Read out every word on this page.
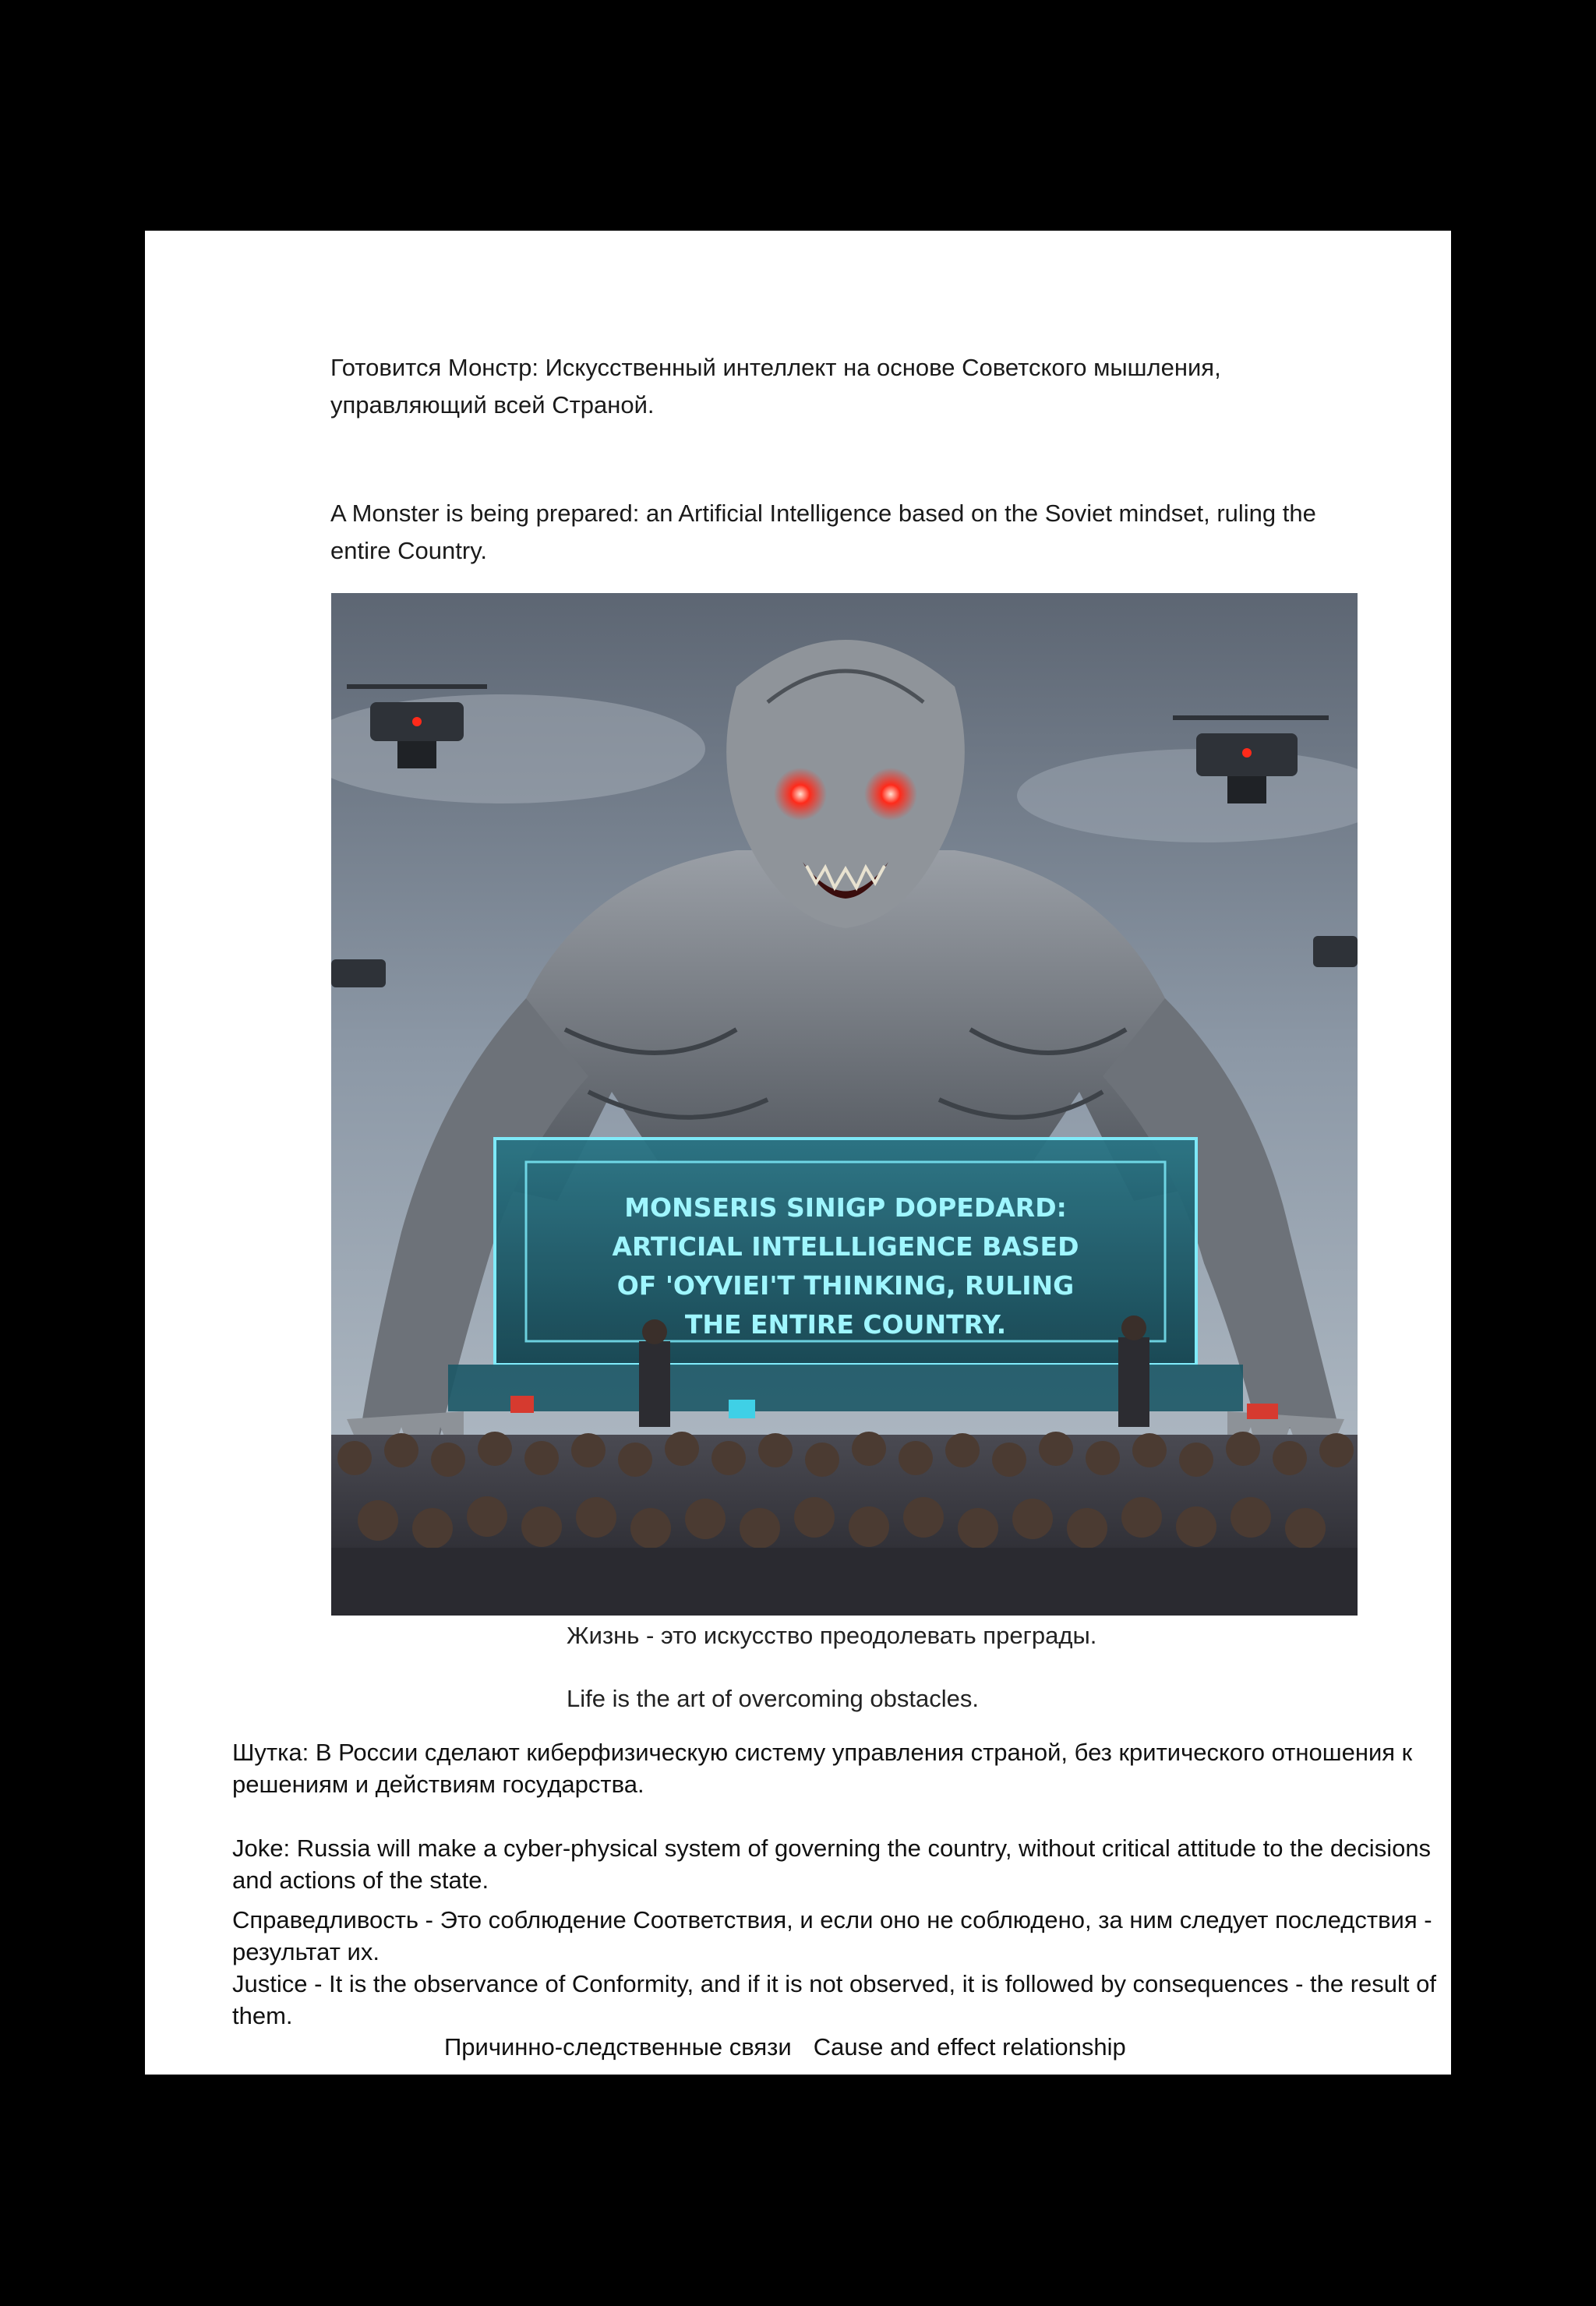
Готовится Монстр: Искусственный интеллект на основе Советского мышления, управляющий всей Страной.

A Monster is being prepared: an Artificial Intelligence based on the Soviet mindset, ruling the entire Country.

MONSERIS SINIGP DOPEDARD:
ARTICIAL INTELLLIGENCE BASED
OF 'OYVIEI'T THINKING, RULING
THE ENTIRE COUNTRY.

Жизнь - это искусство преодолевать преграды.

Life is the art of overcoming obstacles.

Шутка: В России сделают киберфизическую систему управления страной, без критического отношения к решениям и действиям государства.

Joke: Russia will make a cyber-physical system of governing the country, without critical attitude to the decisions and actions of the state.

Справедливость - Это соблюдение Соответствия, и если оно не соблюдено, за ним следует последствия - результат их.

Justice - It is the observance of Conformity, and if it is not observed, it is followed by consequences - the result of them.

Причинно-следственные связи Cause and effect relationship
